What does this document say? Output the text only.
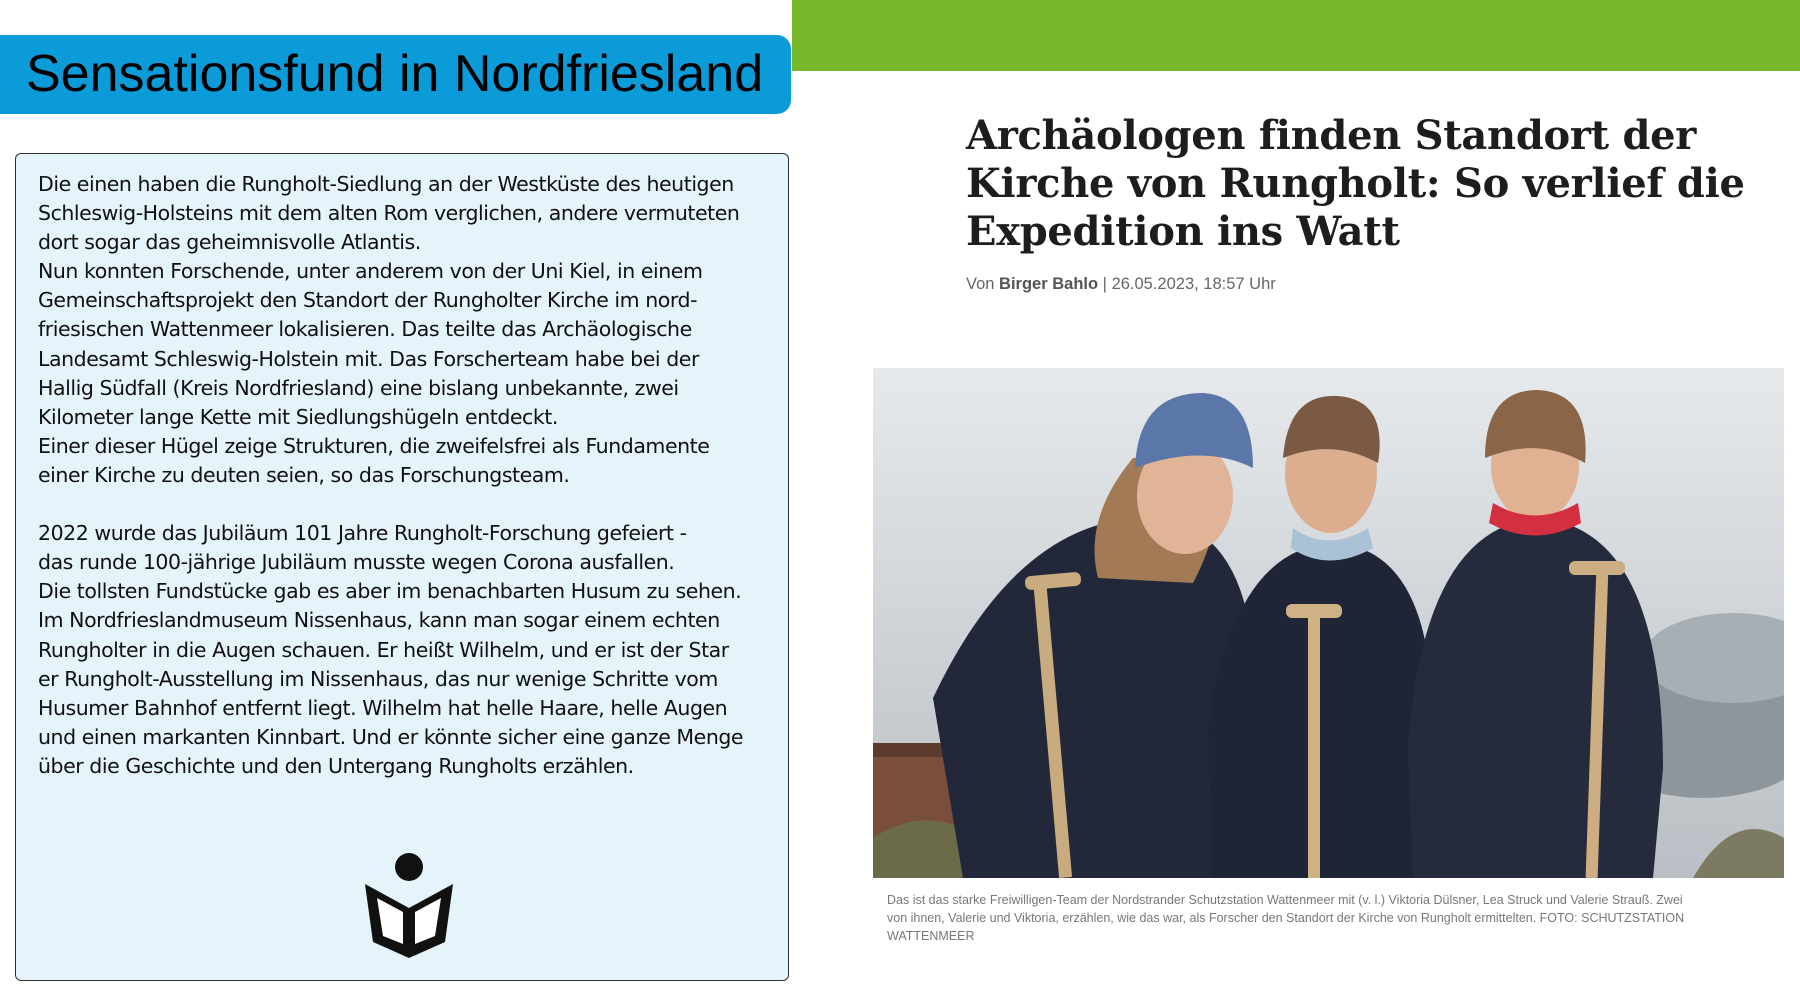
Sensationsfund in Nordfriesland
Die einen haben die Rungholt-Siedlung an der Westküste des heutigen
Schleswig-Holsteins mit dem alten Rom verglichen, andere vermuteten
dort sogar das geheimnisvolle Atlantis.
Nun konnten Forschende, unter anderem von der Uni Kiel, in einem
Gemeinschaftsprojekt den Standort der Rungholter Kirche im nord-
friesischen Wattenmeer lokalisieren. Das teilte das Archäologische
Landesamt Schleswig-Holstein mit. Das Forscherteam habe bei der
Hallig Südfall (Kreis Nordfriesland) eine bislang unbekannte, zwei
Kilometer lange Kette mit Siedlungshügeln entdeckt.
Einer dieser Hügel zeige Strukturen, die zweifelsfrei als Fundamente
einer Kirche zu deuten seien, so das Forschungsteam.
2022 wurde das Jubiläum 101 Jahre Rungholt-Forschung gefeiert -
das runde 100-jährige Jubiläum musste wegen Corona ausfallen.
Die tollsten Fundstücke gab es aber im benachbarten Husum zu sehen.
Im Nordfrieslandmuseum Nissenhaus, kann man sogar einem echten
Rungholter in die Augen schauen. Er heißt Wilhelm, und er ist der Star
er Rungholt-Ausstellung im Nissenhaus, das nur wenige Schritte vom
Husumer Bahnhof entfernt liegt. Wilhelm hat helle Haare, helle Augen
und einen markanten Kinnbart. Und er könnte sicher eine ganze Menge
über die Geschichte und den Untergang Rungholts erzählen.
Archäologen finden Standort der
Kirche von Rungholt: So verlief die
Expedition ins Watt
Von Birger Bahlo | 26.05.2023, 18:57 Uhr
Das ist das starke Freiwilligen-Team der Nordstrander Schutzstation Wattenmeer mit (v. l.) Viktoria Dülsner, Lea Struck und Valerie Strauß. Zwei
von ihnen, Valerie und Viktoria, erzählen, wie das war, als Forscher den Standort der Kirche von Rungholt ermittelten. FOTO: SCHUTZSTATION
WATTENMEER
